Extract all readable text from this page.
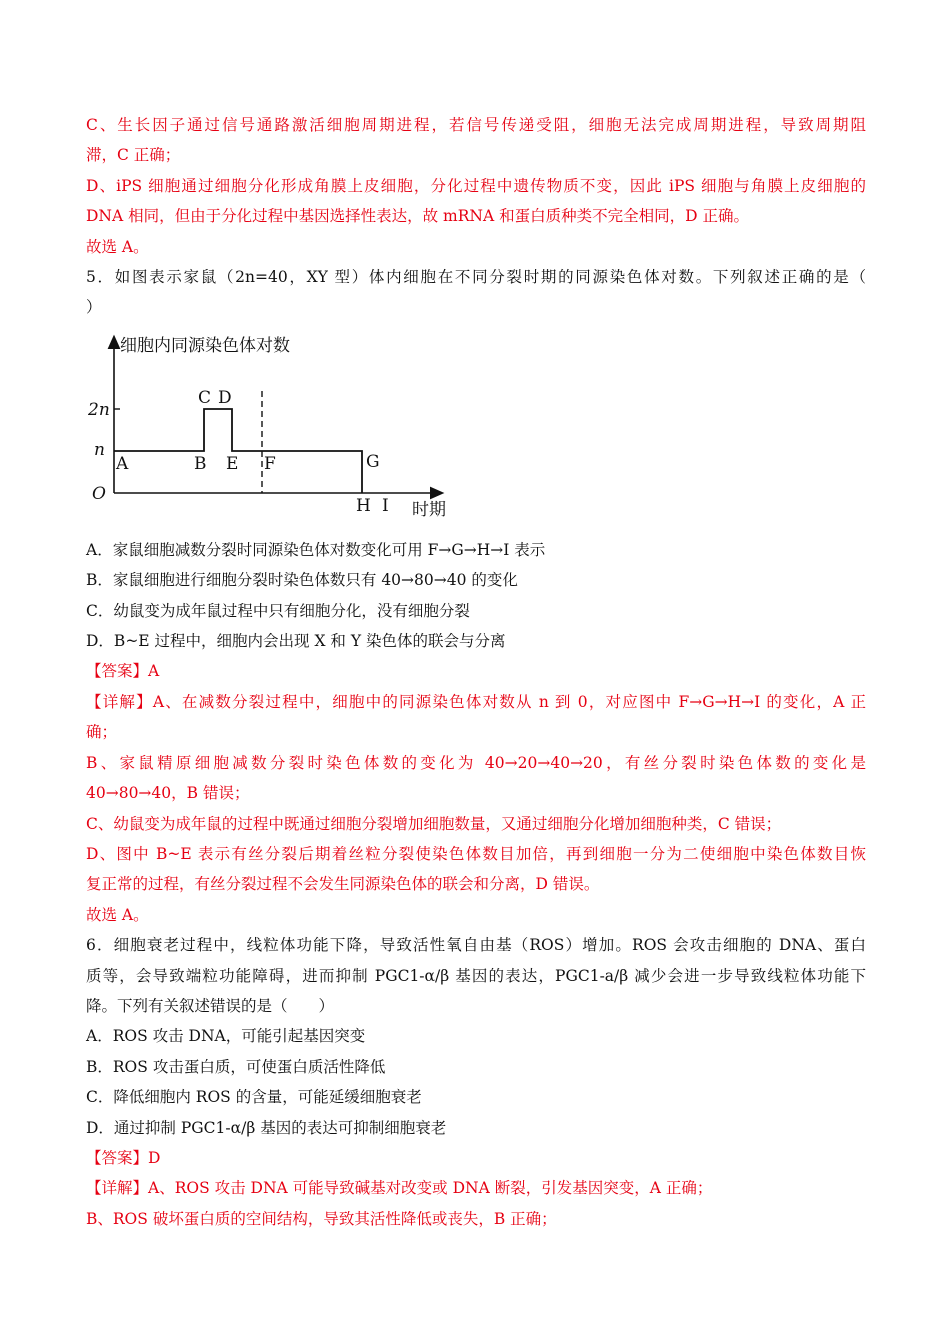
C、生长因子通过信号通路激活细胞周期进程，若信号传递受阻，细胞无法完成周期进程，导致周期阻
滞，C 正确；
D、iPS 细胞通过细胞分化形成角膜上皮细胞，分化过程中遗传物质不变，因此 iPS 细胞与角膜上皮细胞的
DNA 相同，但由于分化过程中基因选择性表达，故 mRNA 和蛋白质种类不完全相同，D 正确。
故选 A。
5．如图表示家鼠（2n=40，XY 型）体内细胞在不同分裂时期的同源染色体对数。下列叙述正确的是（
）
细胞内同源染色体对数
时期
O
n
2n
A	B
C D
E F	G
H I
A．家鼠细胞减数分裂时同源染色体对数变化可用 F→G→H→I 表示
B．家鼠细胞进行细胞分裂时染色体数只有 40→80→40 的变化
C．幼鼠变为成年鼠过程中只有细胞分化，没有细胞分裂
D．B~E 过程中，细胞内会出现 X 和 Y 染色体的联会与分离
【答案】A
【详解】A、在减数分裂过程中，细胞中的同源染色体对数从 n 到 0，对应图中 F→G→H→I 的变化，A 正
确；
B、家鼠精原细胞减数分裂时染色体数的变化为 40→20→40→20，有丝分裂时染色体数的变化是
40→80→40，B 错误；
C、幼鼠变为成年鼠的过程中既通过细胞分裂增加细胞数量，又通过细胞分化增加细胞种类，C 错误；
D、图中 B~E 表示有丝分裂后期着丝粒分裂使染色体数目加倍，再到细胞一分为二使细胞中染色体数目恢
复正常的过程，有丝分裂过程不会发生同源染色体的联会和分离，D 错误。
故选 A。
6．细胞衰老过程中，线粒体功能下降，导致活性氧自由基（ROS）增加。ROS 会攻击细胞的 DNA、蛋白
质等，会导致端粒功能障碍，进而抑制 PGC1-α/β 基因的表达，PGC1-a/β 减少会进一步导致线粒体功能下
降。下列有关叙述错误的是（　　）
A．ROS 攻击 DNA，可能引起基因突变
B．ROS 攻击蛋白质，可使蛋白质活性降低
C．降低细胞内 ROS 的含量，可能延缓细胞衰老
D．通过抑制 PGC1-α/β 基因的表达可抑制细胞衰老
【答案】D
【详解】A、ROS 攻击 DNA 可能导致碱基对改变或 DNA 断裂，引发基因突变，A 正确；
B、ROS 破坏蛋白质的空间结构，导致其活性降低或丧失，B 正确；
